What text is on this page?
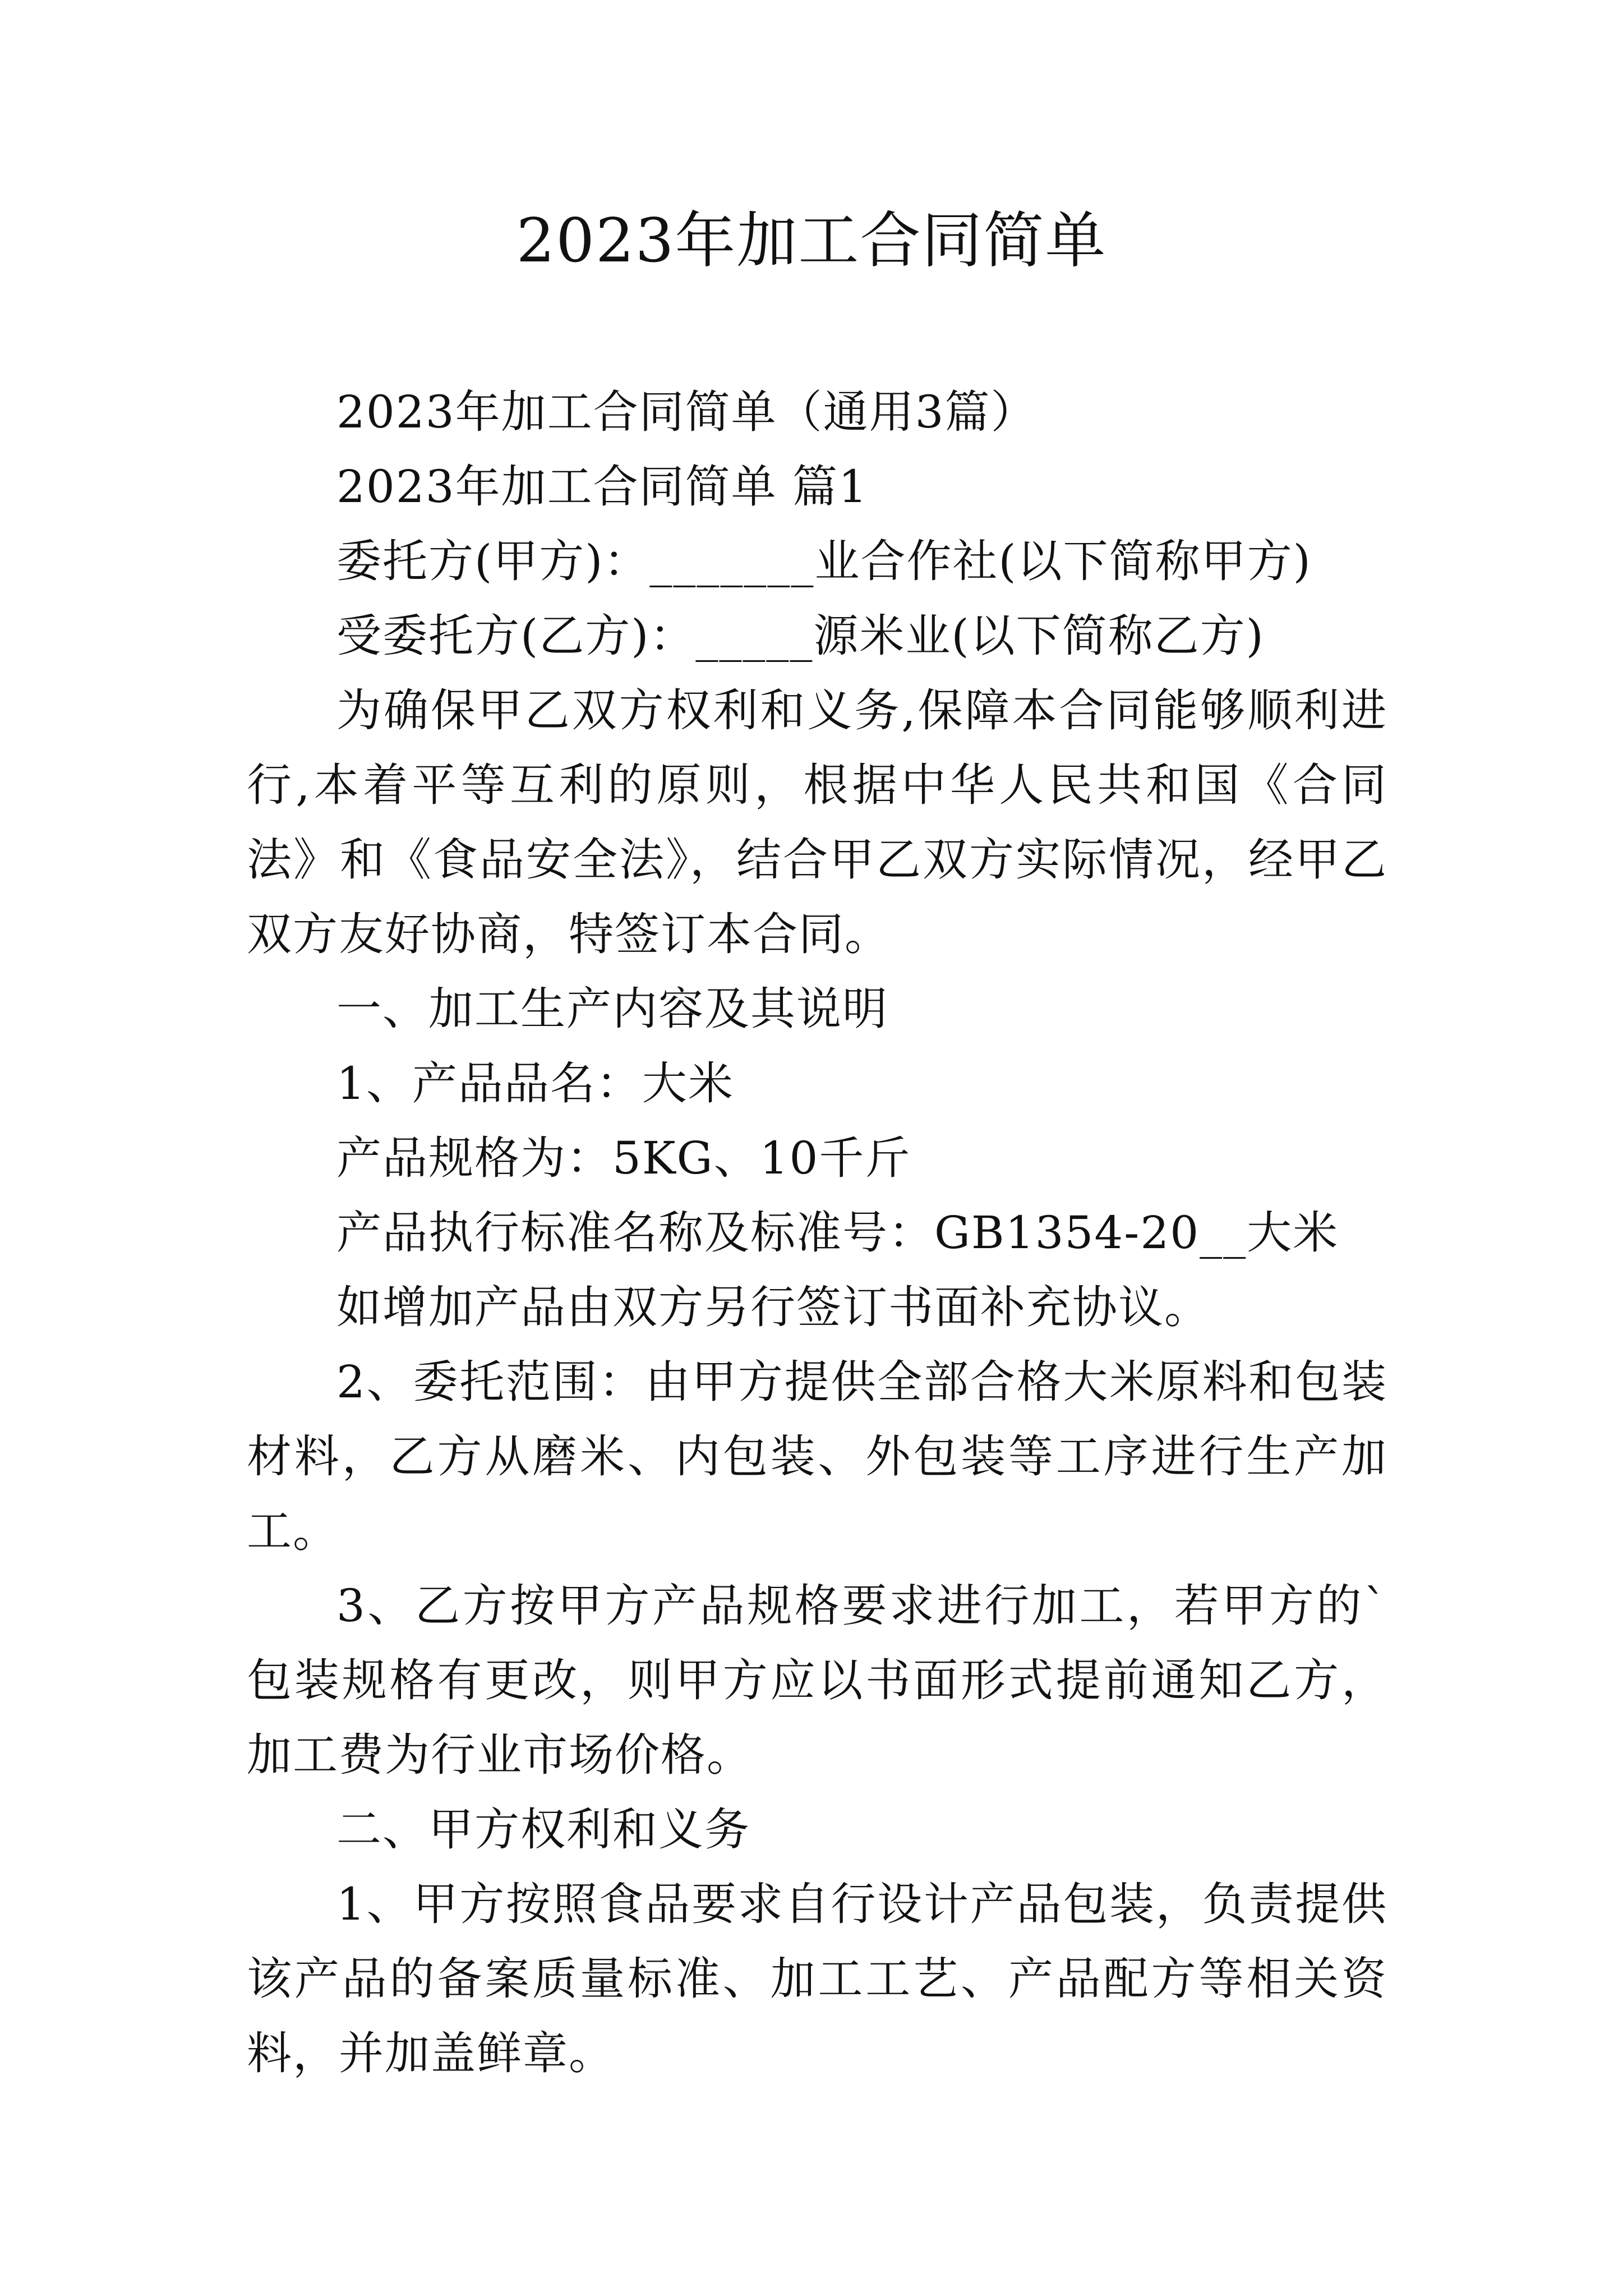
2023年加工合同简单

2023年加工合同简单（通用3篇）

2023年加工合同简单 篇1

委托方(甲方)：_______业合作社(以下简称甲方)

受委托方(乙方)：_____源米业(以下简称乙方)

为确保甲乙双方权利和义务,保障本合同能够顺利进行,本着平等互利的原则，根据中华人民共和国《合同法》和《食品安全法》，结合甲乙双方实际情况，经甲乙双方友好协商，特签订本合同。

一、加工生产内容及其说明

1、产品品名：大米

产品规格为：5KG、10千斤

产品执行标准名称及标准号：GB1354-20__大米

如增加产品由双方另行签订书面补充协议。

2、委托范围：由甲方提供全部合格大米原料和包装材料，乙方从磨米、内包装、外包装等工序进行生产加工。

3、乙方按甲方产品规格要求进行加工，若甲方的`包装规格有更改，则甲方应以书面形式提前通知乙方，加工费为行业市场价格。

二、甲方权利和义务

1、甲方按照食品要求自行设计产品包装，负责提供该产品的备案质量标准、加工工艺、产品配方等相关资料，并加盖鲜章。
